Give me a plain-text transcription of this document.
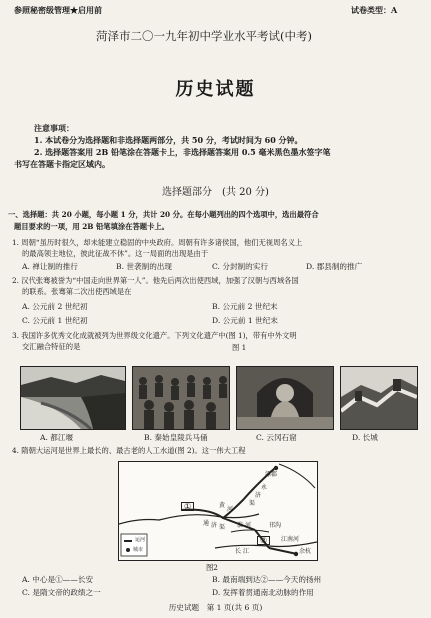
参照秘密级管理★启用前	试卷类型：A
菏泽市二〇一九年初中学业水平考试(中考)
历史试题
注意事项：
1. 本试卷分为选择题和非选择题两部分，共 50 分，考试时间为 60 分钟。
2. 选择题答案用 2B 铅笔涂在答题卡上，非选择题答案用 0.5 毫米黑色墨水签字笔
书写在答题卡指定区域内。
选择题部分　(共 20 分)
一、选择题：共 20 小题，每小题 1 分，共计 20 分。在每小题列出的四个选项中，选出最符合
题目要求的一项，用 2B 铅笔填涂在答题卡上。
1. 周朝“虽历时很久，却未能建立稳固的中央政府。周朝有许多诸侯国，他们无视周名义上
的最高领主地位，彼此征战不休”。这一局面的出现是由于
A. 禅让制的推行	B. 世袭制的出现	C. 分封制的实行	D. 郡县制的推广
2. 汉代张骞被誉为“中国走向世界第一人”。他先后两次出使西域，加强了汉朝与西域各国
的联系。张骞第二次出使西域是在
A. 公元前 2 世纪初	B. 公元前 2 世纪末
C. 公元前 1 世纪初	D. 公元前 1 世纪末
3. 我国许多优秀文化成就被列为世界级文化遗产。下列文化遗产中(图 1)，带有中外文明
交汇融合特征的是	图 1
A. 都江堰	B. 秦始皇陵兵马俑	C. 云冈石窟	D. 长城
4. 隋朝大运河是世界上最长的、最古老的人工水道(图 2)。这一伟大工程
涿郡
永
济
渠
黄
河
通 济 渠 淮 河	邗沟
江南河
长 江	余杭
①
②
运河
城市
图2
A. 中心是①——长安	B. 最南端到达②——今天的扬州
C. 是隋文帝的政绩之一	D. 发挥着贯通南北动脉的作用
历史试题　第 1 页(共 6 页)
